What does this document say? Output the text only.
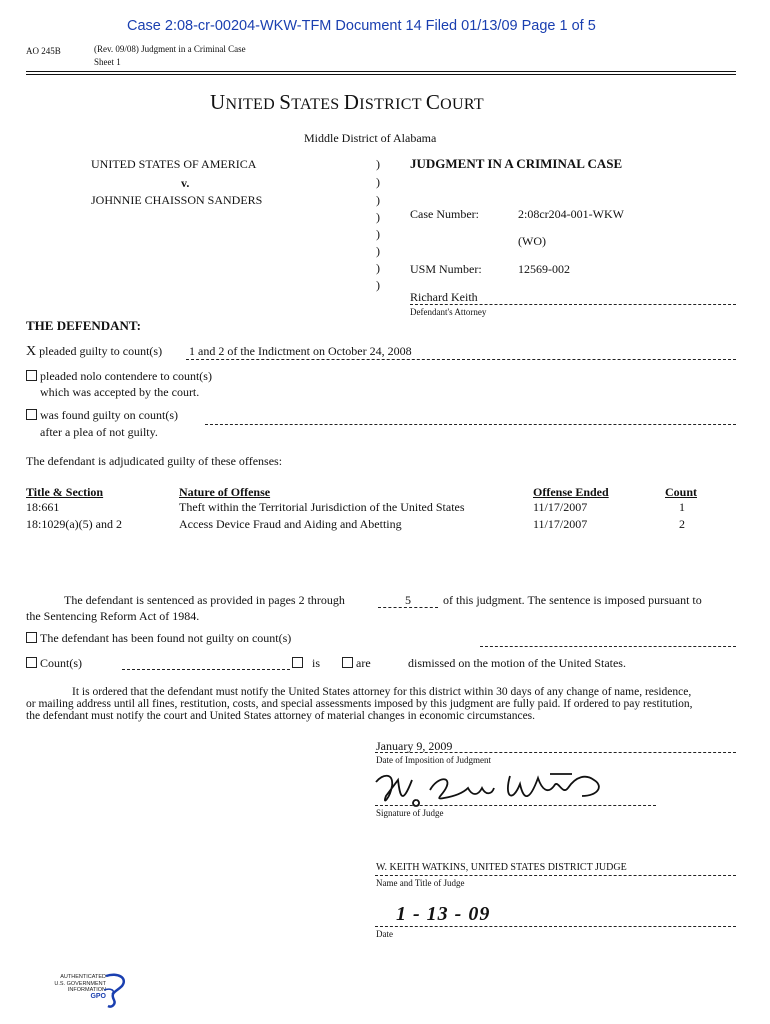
Case 2:08-cr-00204-WKW-TFM Document 14 Filed 01/13/09 Page 1 of 5
AO 245B	(Rev. 09/08) Judgment in a Criminal Case
Sheet 1
UNITED STATES DISTRICT COURT
Middle District of Alabama
UNITED STATES OF AMERICA
v.
JOHNNIE CHAISSON SANDERS
)
)
)
)
)
)
)
)
JUDGMENT IN A CRIMINAL CASE
Case Number:	2:08cr204-001-WKW
(WO)
USM Number:	12569-002
Richard Keith
Defendant's Attorney
THE DEFENDANT:
X pleaded guilty to count(s) 1 and 2 of the Indictment on October 24, 2008
pleaded nolo contendere to count(s)
which was accepted by the court.
was found guilty on count(s)
after a plea of not guilty.
The defendant is adjudicated guilty of these offenses:
Title & Section	Nature of Offense	Offense Ended	Count
18:661	Theft within the Territorial Jurisdiction of the United States	11/17/2007	1
18:1029(a)(5) and 2	Access Device Fraud and Aiding and Abetting	11/17/2007	2
The defendant is sentenced as provided in pages 2 through	5	of this judgment. The sentence is imposed pursuant to
the Sentencing Reform Act of 1984.
The defendant has been found not guilty on count(s)
Count(s)	is	are	dismissed on the motion of the United States.
It is ordered that the defendant must notify the United States attorney for this district within 30 days of any change of name, residence,
or mailing address until all fines, restitution, costs, and special assessments imposed by this judgment are fully paid. If ordered to pay restitution,
the defendant must notify the court and United States attorney of material changes in economic circumstances.
January 9, 2009
Date of Imposition of Judgment
Signature of Judge
W. KEITH WATKINS, UNITED STATES DISTRICT JUDGE
Name and Title of Judge
1 - 13 - 09
Date
AUTHENTICATED
U.S. GOVERNMENT
INFORMATION
GPO
